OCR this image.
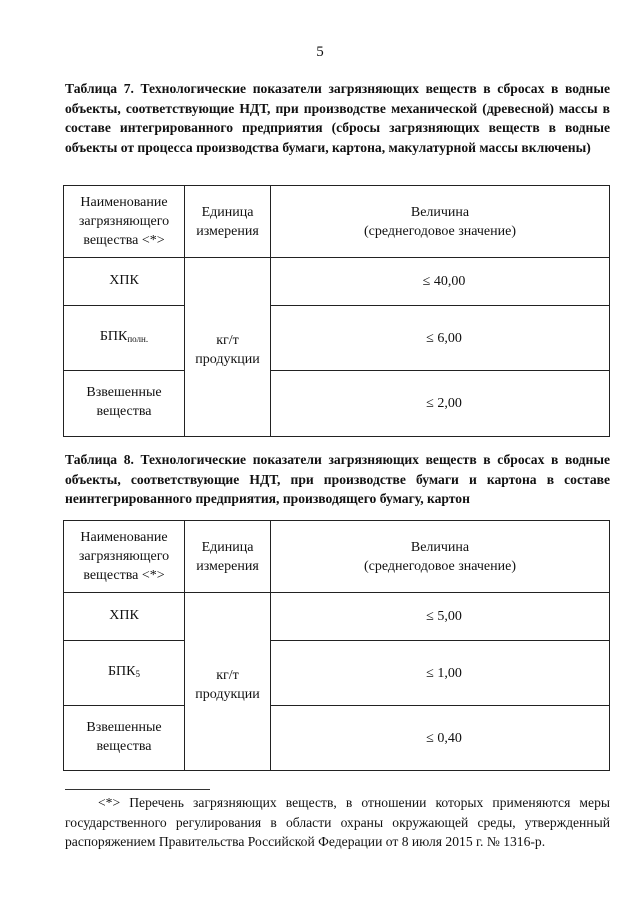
5
Таблица 7. Технологические показатели загрязняющих веществ в сбросах в водные объекты, соответствующие НДТ, при производстве механической (древесной) массы в составе интегрированного предприятия (сбросы загрязняющих веществ в водные объекты от процесса производства бумаги, картона, макулатурной массы включены)
Наименование загрязняющего вещества <*>	Единица измерения	Величина
(среднегодовое значение)
ХПК	кг/т продукции	≤ 40,00
$БПК_{полн.}$		≤ 6,00
Взвешенные вещества		≤ 2,00
Таблица 8. Технологические показатели загрязняющих веществ в сбросах в водные объекты, соответствующие НДТ, при производстве бумаги и картона в составе неинтегрированного предприятия, производящего бумагу, картон
Наименование загрязняющего вещества <*>	Единица измерения	Величина
(среднегодовое значение)
ХПК	кг/т продукции	≤ 5,00
$БПК_5$		≤ 1,00
Взвешенные вещества		≤ 0,40
<*> Перечень загрязняющих веществ, в отношении которых применяются меры государственного регулирования в области охраны окружающей среды, утвержденный распоряжением Правительства Российской Федерации от 8 июля 2015 г. № 1316-р.
